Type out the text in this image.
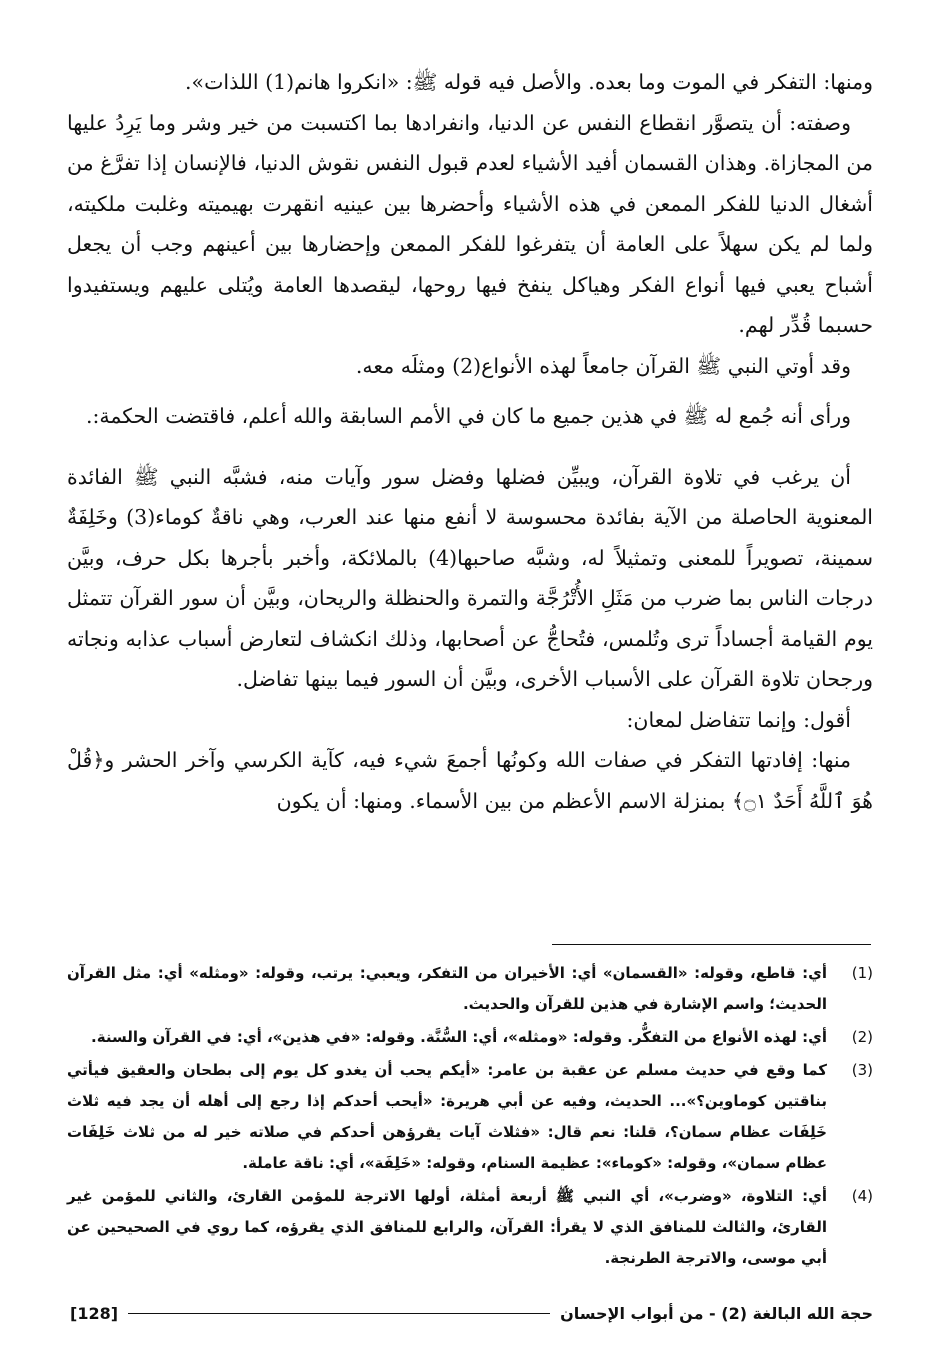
ومنها: التفكر في الموت وما بعده. والأصل فيه قوله ﷺ: «انكروا هانم(1) اللذات».

وصفته: أن يتصوَّر انقطاع النفس عن الدنيا، وانفرادها بما اكتسبت من خير وشر وما يَرِدُ عليها من المجازاة. وهذان القسمان أفيد الأشياء لعدم قبول النفس نقوش الدنيا، فالإنسان إذا تفرَّغ من أشغال الدنيا للفكر الممعن في هذه الأشياء وأحضرها بين عينيه انقهرت بهيميته وغلبت ملكيته، ولما لم يكن سهلاً على العامة أن يتفرغوا للفكر الممعن وإحضارها بين أعينهم وجب أن يجعل أشباح يعبي فيها أنواع الفكر وهياكل ينفخ فيها روحها، ليقصدها العامة ويُتلى عليهم ويستفيدوا حسبما قُدِّر لهم.

وقد أوتي النبي ﷺ القرآن جامعاً لهذه الأنواع(2) ومثلَه معه.

ورأى أنه جُمع له ﷺ في هذين جميع ما كان في الأمم السابقة والله أعلم، فاقتضت الحكمة:.

أن يرغب في تلاوة القرآن، ويبيِّن فضلها وفضل سور وآيات منه، فشبَّه النبي ﷺ الفائدة المعنوية الحاصلة من الآية بفائدة محسوسة لا أنفع منها عند العرب، وهي ناقةٌ كوماء(3) وخَلِفَةٌ سمينة، تصويراً للمعنى وتمثيلاً له، وشبَّه صاحبها(4) بالملائكة، وأخبر بأجرها بكل حرف، وبيَّن درجات الناس بما ضرب من مَثَلِ الأُتْرُجَّة والتمرة والحنظلة والريحان، وبيَّن أن سور القرآن تتمثل يوم القيامة أجساداً ترى وتُلمس، فتُحاجُّ عن أصحابها، وذلك انكشاف لتعارض أسباب عذابه ونجاته ورجحان تلاوة القرآن على الأسباب الأخرى، وبيَّن أن السور فيما بينها تفاضل.

أقول: وإنما تتفاضل لمعان:

منها: إفادتها التفكر في صفات الله وكونُها أجمعَ شيء فيه، كآية الكرسي وآخر الحشر و﴿قُلْ هُوَ ٱللَّهُ أَحَدٌ ۝١﴾ بمنزلة الاسم الأعظم من بين الأسماء. ومنها: أن يكون

(1)
أي: قاطع، وقوله: «القسمان» أي: الأخيران من التفكر، ويعبي: يرتب، وقوله: «ومثله» أي: مثل القرآن الحديث؛ واسم الإشارة في هذين للقرآن والحديث.
(2)
أي: لهذه الأنواع من التفكُّر. وقوله: «ومثله»، أي: السُّنَّة. وقوله: «في هذين»، أي: في القرآن والسنة.
(3)
كما وقع في حديث مسلم عن عقبة بن عامر: «أيكم يحب أن يغدو كل يوم إلى بطحان والعقيق فيأتي بناقتين كوماوين؟»... الحديث، وفيه عن أبي هريرة: «أيحب أحدكم إذا رجع إلى أهله أن يجد فيه ثلاث خَلِفَات عظام سمان؟، قلنا: نعم قال: «فثلاث آيات يقرؤهن أحدكم في صلاته خير له من ثلاث خَلِفَات عظام سمان»، وقوله: «كوماء»: عظيمة السنام، وقوله: «خَلِفَة»، أي: ناقة عاملة.
(4)
أي: التلاوة، «وضرب»، أي النبي ﷺ أربعة أمثلة، أولها الاترجة للمؤمن القارئ، والثاني للمؤمن غير القارئ، والثالث للمنافق الذي لا يقرأ: القرآن، والرابع للمنافق الذي يقرؤه، كما روي في الصحيحين عن أبي موسى، والاترجة الطرنجة.
حجة الله البالغة (2) - من أبواب الإحسان
[128]
